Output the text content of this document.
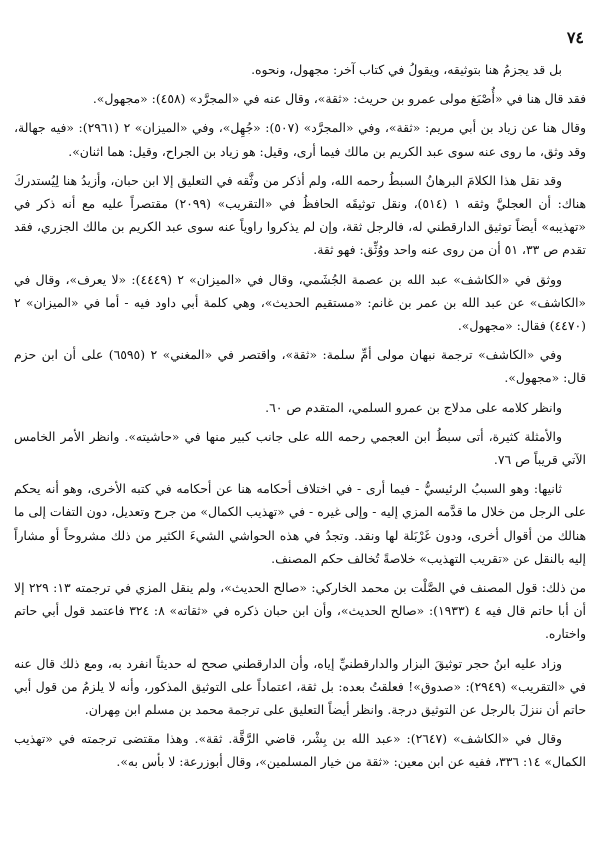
٧٤

بل قد يجزمُ هنا بتوثيقه، ويقولُ في كتاب آخر: مجهول، ونحوه.

فقد قال هنا في «أُصْبَغ مولى عمرو بن حريث: «ثقة»، وقال عنه في «المجرَّد» (٤٥٨): «مجهول».

وقال هنا عن زياد بن أبي مريم: «ثقة»، وفي «المجرَّد» (٥٠٧): «جُهِل»، وفي «الميزان» ٢ (٢٩٦١): «فيه جهالة، وقد وثق، ما روى عنه سوى عبد الكريم بن مالك فيما أرى، وقيل: هو زياد بن الجراح، وقيل: هما اثنان».

وقد نقل هذا الكلامَ البرهانُ السبطُ رحمه الله، ولم أذكر من وثَّقه في التعليق إلا ابن حبان، وأزيدُ هنا لِيُستدركَ هناك: أن العجليَّ وثقه ١ (٥١٤)، ونقل توثيقَه الحافظُ في «التقريب» (٢٠٩٩) مقتصراً عليه مع أنه ذكر في «تهذيبه» أيضاً توثيق الدارقطني له، فالرجل ثقة، وإن لم يذكروا راوياً عنه سوى عبد الكريم بن مالك الجزري، فقد تقدم ص ٣٣، ٥١ أن من روى عنه واحد ووُثِّق: فهو ثقة.

ووثق في «الكاشف» عبد الله بن عصمة الجُشَمي، وقال في «الميزان» ٢ (٤٤٤٩): «لا يعرف»، وقال في «الكاشف» عن عبد الله بن عمر بن غانم: «مستقيم الحديث»، وهي كلمة أبي داود فيه - أما في «الميزان» ٢ (٤٤٧٠) فقال: «مجهول».

وفي «الكاشف» ترجمة نبهان مولى أمِّ سلمة: «ثقة»، واقتصر في «المغني» ٢ (٦٥٩٥) على أن ابن حزم قال: «مجهول».

وانظر كلامه على مدلاج بن عمرو السلمي، المتقدم ص ٦٠.

والأمثلة كثيرة، أتى سبطُ ابن العجمي رحمه الله على جانب كبير منها في «حاشيته». وانظر الأمر الخامس الآتي قريباً ص ٧٦.

ثانيها: وهو السببُ الرئيسيُّ - فيما أرى - في اختلاف أحكامه هنا عن أحكامه في كتبه الأخرى، وهو أنه يحكم على الرجل من خلال ما قدَّمه المزي إليه - وإلى غيره - في «تهذيب الكمال» من جرح وتعديل، دون التفات إلى ما هنالك من أقوال أخرى، ودون غَرْبَلة لها ونقد. وتجدُ في هذه الحواشي الشيءَ الكثير من ذلك مشروحاً أو مشاراً إليه بالنقل عن «تقريب التهذيب» خلاصةً تُخالف حكم المصنف.

من ذلك: قول المصنف في الصَّلْت بن محمد الخاركي: «صالح الحديث»، ولم ينقل المزي في ترجمته ١٣: ٢٢٩ إلا أن أبا حاتم قال فيه ٤ (١٩٣٣): «صالح الحديث»، وأن ابن حبان ذكره في «ثقاته» ٨: ٣٢٤ فاعتمد قول أبي حاتم واختاره.

وزاد عليه ابنُ حجر توثيقَ البزار والدارقطنيِّ إياه، وأن الدارقطني صحح له حديثاً انفرد به، ومع ذلك قال عنه في «التقريب» (٢٩٤٩): «صدوق»! فعلقتُ بعده: بل ثقة، اعتماداً على التوثيق المذكور، وأنه لا يلزمُ من قول أبي حاتم أن ننزلَ بالرجل عن التوثيق درجة. وانظر أيضاً التعليق على ترجمة محمد بن مسلم ابن مِهران.

وقال في «الكاشف» (٢٦٤٧): «عبد الله بن بِشْر، قاضي الرَّقَّة. ثقة». وهذا مقتضى ترجمته في «تهذيب الكمال» ١٤: ٣٣٦، ففيه عن ابن معين: «ثقة من خيار المسلمين»، وقال أبوزرعة: لا بأس به».
